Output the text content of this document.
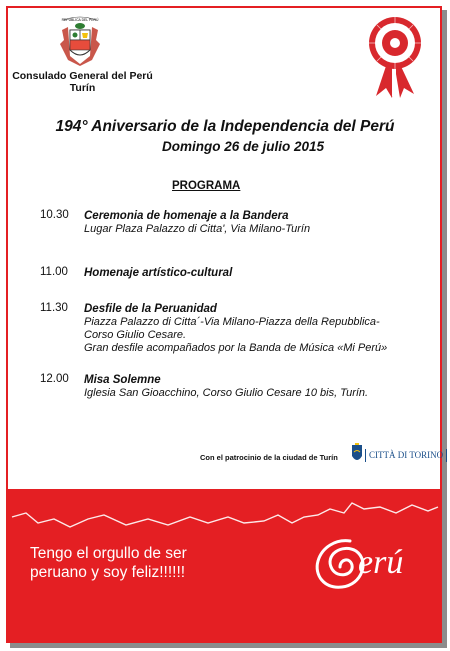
REPÚBLICA DEL PERÚ
Consulado General del Perú
Turín
194° Aniversario de la Independencia del Perú
Domingo 26 de julio 2015
PROGRAMA
10.30 Ceremonia de homenaje a la Bandera
Lugar Plaza Palazzo di Citta', Via Milano-Turín
11.00 Homenaje artístico-cultural
11.30 Desfile de la Peruanidad
Piazza Palazzo di Citta´-Via Milano-Piazza della Repubblica-
Corso Giulio Cesare.
Gran desfile acompañados por la Banda de Música «Mi Perú»
12.00 Misa Solemne
Iglesia San Gioacchino, Corso Giulio Cesare 10 bis, Turín.
Con el patrocinio de la ciudad de Turín	CITTÀ DI TORINO
Tengo el orgullo de ser
peruano y soy feliz!!!!!!	erú
